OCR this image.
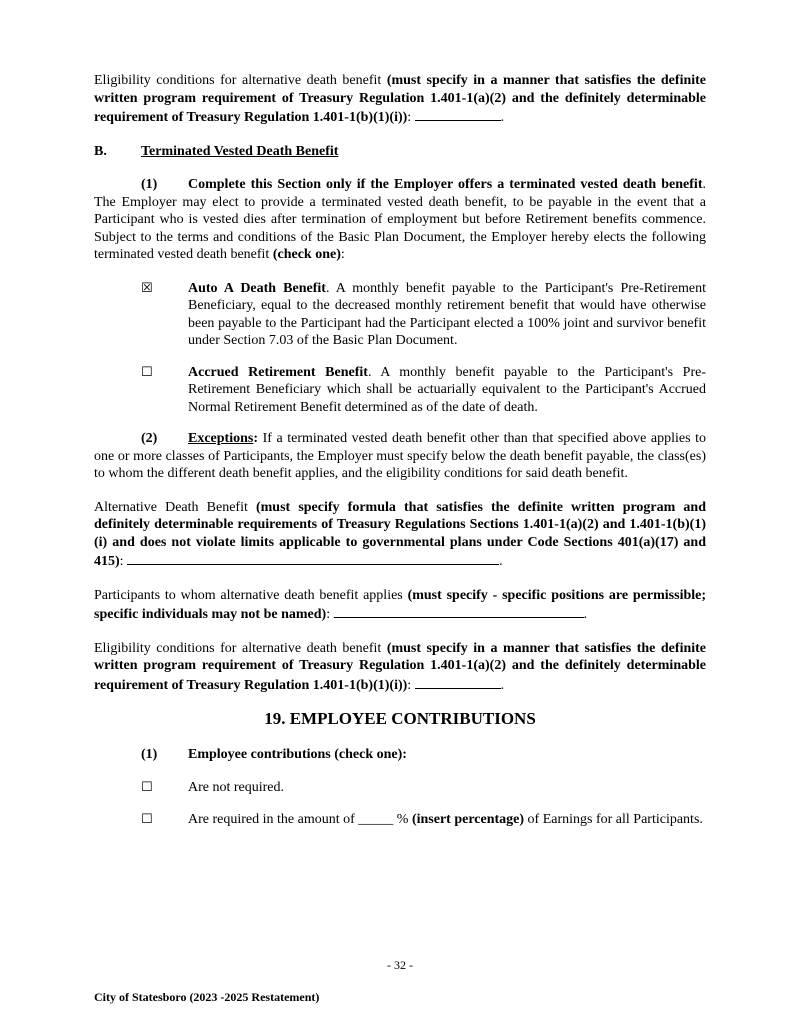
Eligibility conditions for alternative death benefit (must specify in a manner that satisfies the definite written program requirement of Treasury Regulation 1.401-1(a)(2) and the definitely determinable requirement of Treasury Regulation 1.401-1(b)(1)(i)):	.

B.	Terminated Vested Death Benefit

(1) Complete this Section only if the Employer offers a terminated vested death benefit. The Employer may elect to provide a terminated vested death benefit, to be payable in the event that a Participant who is vested dies after termination of employment but before Retirement benefits commence. Subject to the terms and conditions of the Basic Plan Document, the Employer hereby elects the following terminated vested death benefit (check one):

☒	Auto A Death Benefit. A monthly benefit payable to the Participant's Pre-Retirement Beneficiary, equal to the decreased monthly retirement benefit that would have otherwise been payable to the Participant had the Participant elected a 100% joint and survivor benefit under Section 7.03 of the Basic Plan Document.
☐	Accrued Retirement Benefit. A monthly benefit payable to the Participant's Pre-Retirement Beneficiary which shall be actuarially equivalent to the Participant's Accrued Normal Retirement Benefit determined as of the date of death.

(2) Exceptions: If a terminated vested death benefit other than that specified above applies to one or more classes of Participants, the Employer must specify below the death benefit payable, the class(es) to whom the different death benefit applies, and the eligibility conditions for said death benefit.

Alternative Death Benefit (must specify formula that satisfies the definite written program and definitely determinable requirements of Treasury Regulations Sections 1.401-1(a)(2) and 1.401-1(b)(1)(i) and does not violate limits applicable to governmental plans under Code Sections 401(a)(17) and 415):	.

Participants to whom alternative death benefit applies (must specify - specific positions are permissible; specific individuals may not be named):	.

Eligibility conditions for alternative death benefit (must specify in a manner that satisfies the definite written program requirement of Treasury Regulation 1.401-1(a)(2) and the definitely determinable requirement of Treasury Regulation 1.401-1(b)(1)(i)):	.

19. EMPLOYEE CONTRIBUTIONS

(1) Employee contributions (check one):

☐	Are not required.
☐	Are required in the amount of _____ % (insert percentage) of Earnings for all Participants.
- 32 -
City of Statesboro (2023 -2025 Restatement)
